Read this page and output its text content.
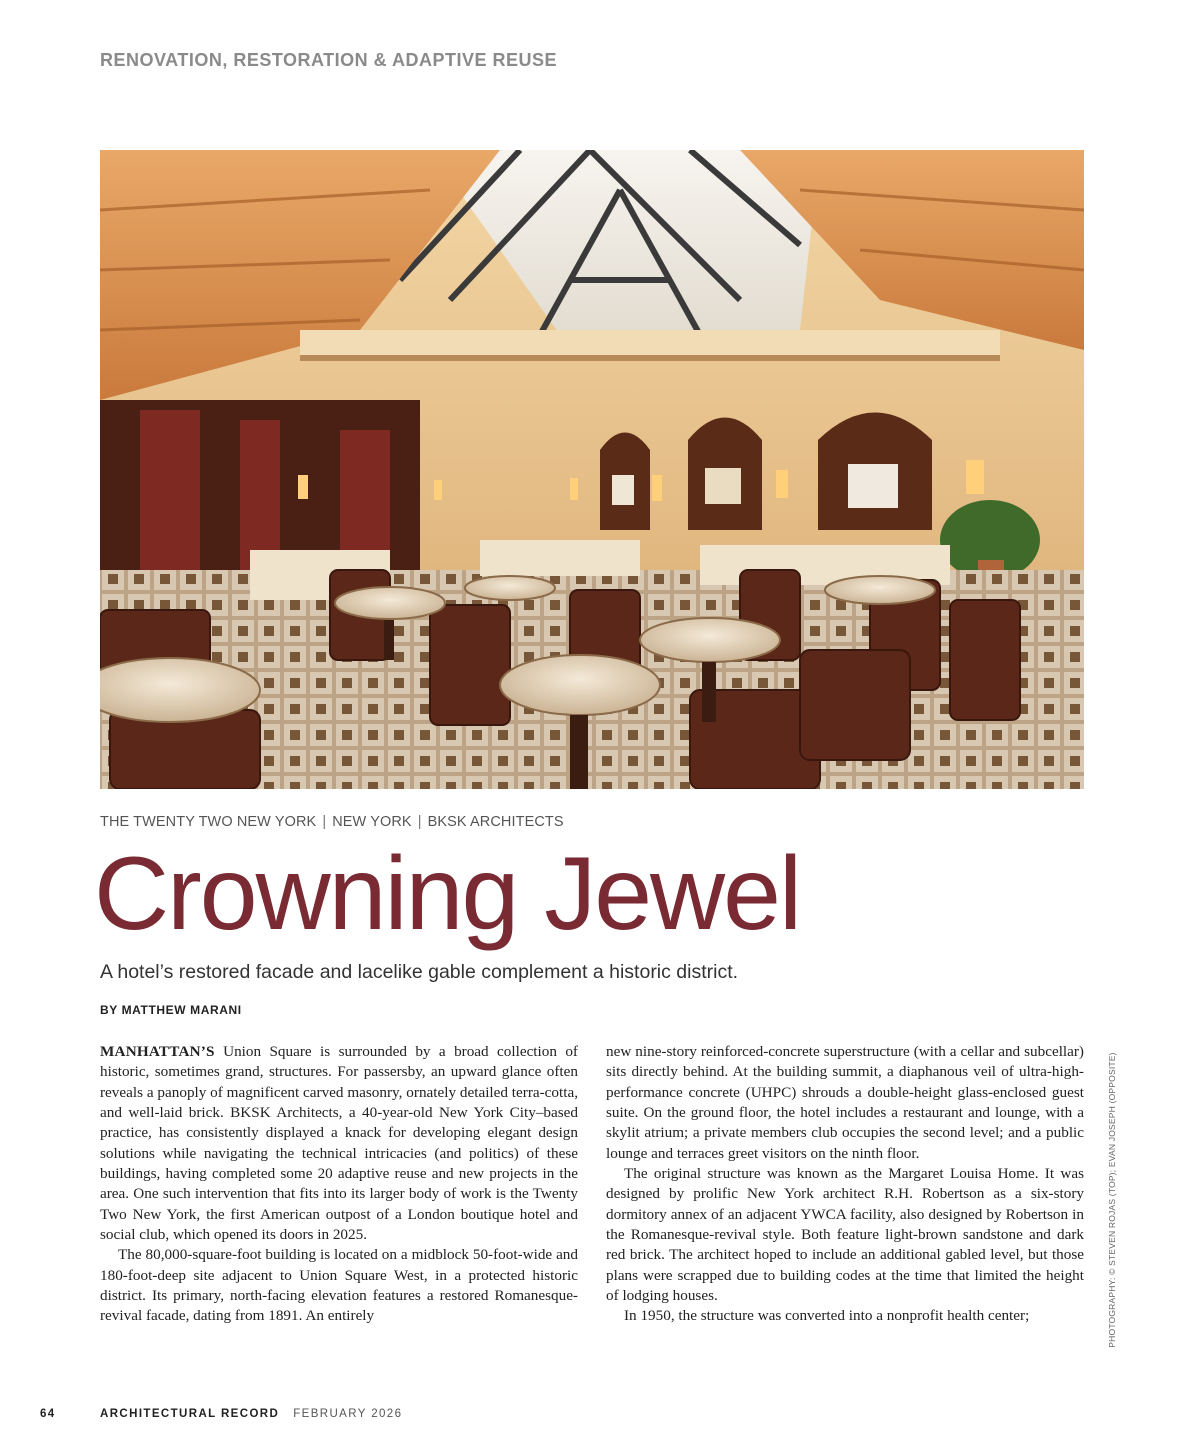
RENOVATION, RESTORATION & ADAPTIVE REUSE
THE TWENTY TWO NEW YORK | NEW YORK | BKSK ARCHITECTS
Crowning Jewel
A hotel’s restored facade and lacelike gable complement a historic district.
BY MATTHEW MARANI

MANHATTAN’S Union Square is surrounded by a broad collection of historic, sometimes grand, structures. For passersby, an upward glance often reveals a panoply of magnificent carved masonry, ornately detailed terra-cotta, and well-laid brick. BKSK Architects, a 40-year-old New York City–based practice, has consistently displayed a knack for developing elegant design solutions while navigating the technical intricacies (and politics) of these buildings, having completed some 20 adaptive reuse and new projects in the area. One such intervention that fits into its larger body of work is the Twenty Two New York, the first American outpost of a London boutique hotel and social club, which opened its doors in 2025.

The 80,000-square-foot building is located on a midblock 50-foot-wide and 180-foot-deep site adjacent to Union Square West, in a protected historic district. Its primary, north-facing elevation features a restored Romanesque-revival facade, dating from 1891. An entirely

new nine-story reinforced-concrete superstructure (with a cellar and subcellar) sits directly behind. At the building summit, a diaphanous veil of ultra-high-performance concrete (UHPC) shrouds a double-height glass-enclosed guest suite. On the ground floor, the hotel includes a restaurant and lounge, with a skylit atrium; a private members club occupies the second level; and a public lounge and terraces greet visitors on the ninth floor.

The original structure was known as the Margaret Louisa Home. It was designed by prolific New York architect R.H. Robertson as a six-story dormitory annex of an adjacent YWCA facility, also designed by Robertson in the Romanesque-revival style. Both feature light-brown sandstone and dark red brick. The architect hoped to include an additional gabled level, but those plans were scrapped due to building codes at the time that limited the height of lodging houses.

In 1950, the structure was converted into a nonprofit health center;	PHOTOGRAPHY: © STEVEN ROJAS (TOP); EVAN JOSEPH (OPPOSITE)
64	ARCHITECTURAL RECORD FEBRUARY 2026
